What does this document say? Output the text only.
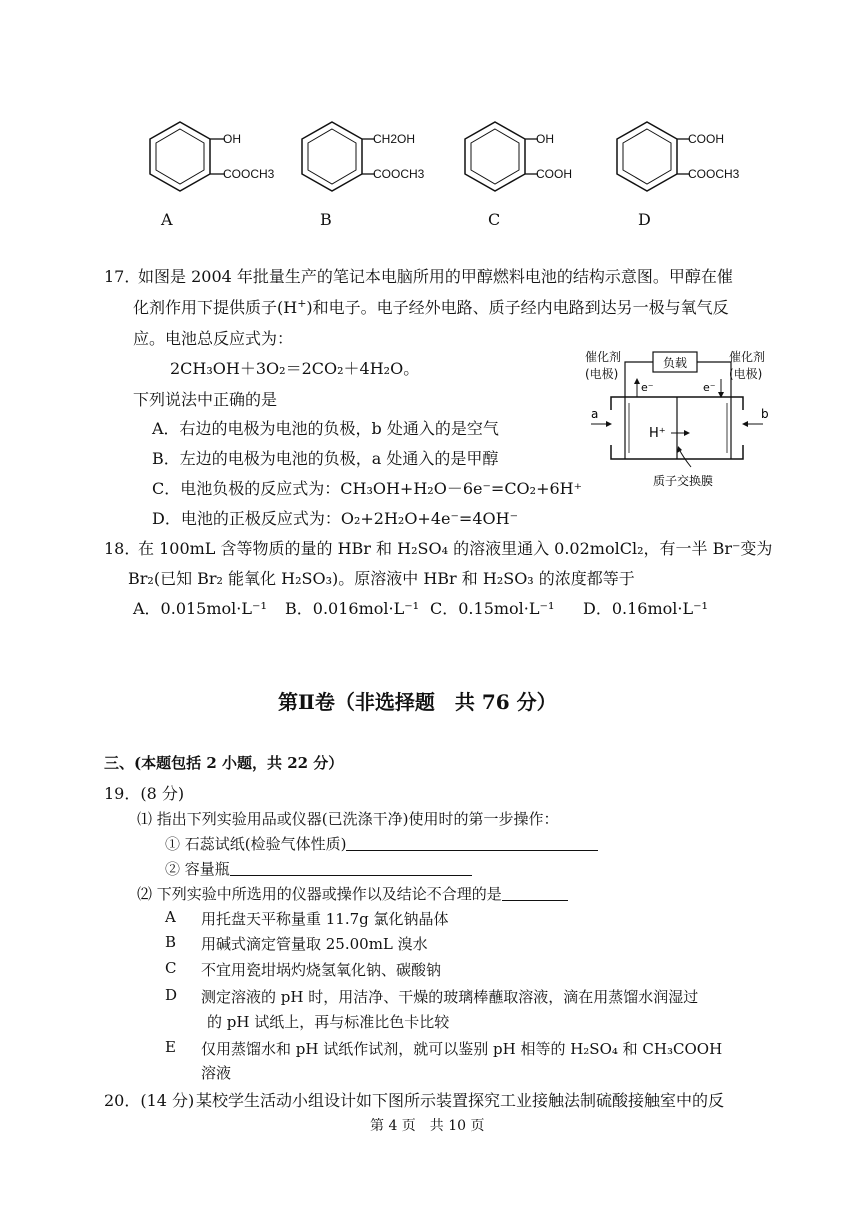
OH
COOCH3
CH2OH
COOCH3
OH
COOH
COOH
COOCH3
A	B	C	D
17．
如图是 2004 年批量生产的笔记本电脑所用的甲醇燃料电池的结构示意图。甲醇在催
化剂作用下提供质子(H+)和电子。电子经外电路、质子经内电路到达另一极与氧气反
应。电池总反应式为：
2CH₃OH＋3O₂＝2CO₂＋4H₂O。
下列说法中正确的是
A．右边的电极为电池的负极，b 处通入的是空气
B．左边的电极为电池的负极，a 处通入的是甲醇
C．电池负极的反应式为：CH₃OH+H₂O－6e⁻=CO₂+6H⁺
D．电池的正极反应式为：O₂+2H₂O+4e⁻=4OH⁻
催化剂
(电极)
催化剂
(电极)
负载
e⁻	e⁻
a	b
H⁺
质子交换膜
18．
在 100mL 含等物质的量的 HBr 和 H₂SO₄ 的溶液里通入 0.02molCl₂，有一半 Br⁻变为
Br₂(已知 Br₂ 能氧化 H₂SO₃)。原溶液中 HBr 和 H₂SO₃ 的浓度都等于
A．0.015mol·L⁻¹ B．0.016mol·L⁻¹ C．0.15mol·L⁻¹ D．0.16mol·L⁻¹
第Ⅱ卷（非选择题　共 76 分）
三、(本题包括 2 小题，共 22 分）
19．(8 分)
⑴ 指出下列实验用品或仪器(已洗涤干净)使用时的第一步操作：
① 石蕊试纸(检验气体性质)
② 容量瓶
⑵ 下列实验中所选用的仪器或操作以及结论不合理的是
A 用托盘天平称量重 11.7g 氯化钠晶体
B 用碱式滴定管量取 25.00mL 溴水
C 不宜用瓷坩埚灼烧氢氧化钠、碳酸钠
D 测定溶液的 pH 时，用洁净、干燥的玻璃棒蘸取溶液，滴在用蒸馏水润湿过
的 pH 试纸上，再与标准比色卡比较
E 仅用蒸馏水和 pH 试纸作试剂，就可以鉴别 pH 相等的 H₂SO₄ 和 CH₃COOH
溶液
20．(14 分) 某校学生活动小组设计如下图所示装置探究工业接触法制硫酸接触室中的反
第 4 页　共 10 页
